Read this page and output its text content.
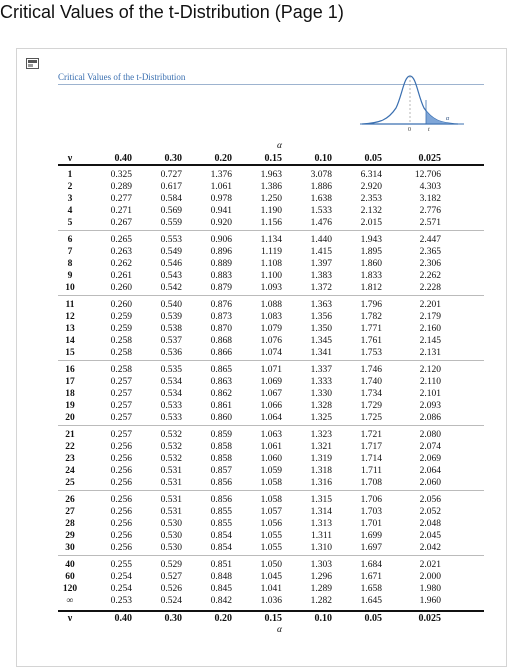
Critical Values of the t-Distribution (Page 1)
Critical Values of the t-Distribution
α
0	t
α
ν	0.40	0.30	0.20	0.15	0.10	0.05	0.025
1	0.325	0.727	1.376	1.963	3.078	6.314	12.706
2	0.289	0.617	1.061	1.386	1.886	2.920	4.303
3	0.277	0.584	0.978	1.250	1.638	2.353	3.182
4	0.271	0.569	0.941	1.190	1.533	2.132	2.776
5	0.267	0.559	0.920	1.156	1.476	2.015	2.571
6	0.265	0.553	0.906	1.134	1.440	1.943	2.447
7	0.263	0.549	0.896	1.119	1.415	1.895	2.365
8	0.262	0.546	0.889	1.108	1.397	1.860	2.306
9	0.261	0.543	0.883	1.100	1.383	1.833	2.262
10	0.260	0.542	0.879	1.093	1.372	1.812	2.228
11	0.260	0.540	0.876	1.088	1.363	1.796	2.201
12	0.259	0.539	0.873	1.083	1.356	1.782	2.179
13	0.259	0.538	0.870	1.079	1.350	1.771	2.160
14	0.258	0.537	0.868	1.076	1.345	1.761	2.145
15	0.258	0.536	0.866	1.074	1.341	1.753	2.131
16	0.258	0.535	0.865	1.071	1.337	1.746	2.120
17	0.257	0.534	0.863	1.069	1.333	1.740	2.110
18	0.257	0.534	0.862	1.067	1.330	1.734	2.101
19	0.257	0.533	0.861	1.066	1.328	1.729	2.093
20	0.257	0.533	0.860	1.064	1.325	1.725	2.086
21	0.257	0.532	0.859	1.063	1.323	1.721	2.080
22	0.256	0.532	0.858	1.061	1.321	1.717	2.074
23	0.256	0.532	0.858	1.060	1.319	1.714	2.069
24	0.256	0.531	0.857	1.059	1.318	1.711	2.064
25	0.256	0.531	0.856	1.058	1.316	1.708	2.060
26	0.256	0.531	0.856	1.058	1.315	1.706	2.056
27	0.256	0.531	0.855	1.057	1.314	1.703	2.052
28	0.256	0.530	0.855	1.056	1.313	1.701	2.048
29	0.256	0.530	0.854	1.055	1.311	1.699	2.045
30	0.256	0.530	0.854	1.055	1.310	1.697	2.042
40	0.255	0.529	0.851	1.050	1.303	1.684	2.021
60	0.254	0.527	0.848	1.045	1.296	1.671	2.000
120	0.254	0.526	0.845	1.041	1.289	1.658	1.980
∞	0.253	0.524	0.842	1.036	1.282	1.645	1.960
ν	0.40	0.30	0.20	0.15	0.10	0.05	0.025
α
